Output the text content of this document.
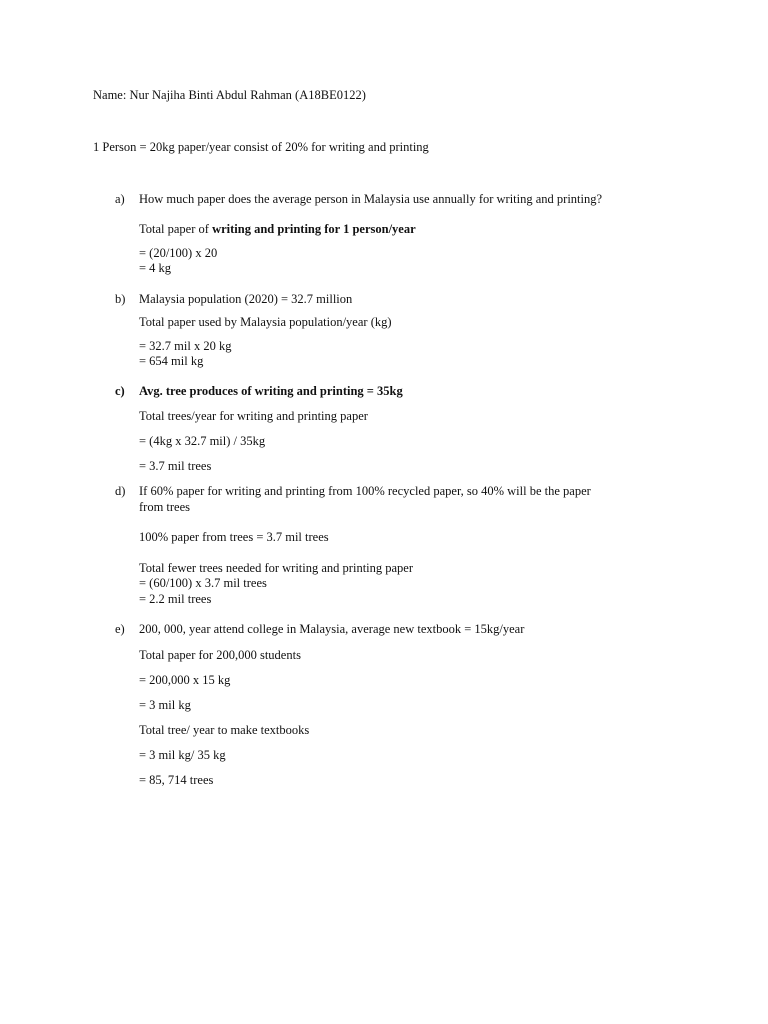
Name: Nur Najiha Binti Abdul Rahman (A18BE0122)
1 Person = 20kg paper/year consist of 20% for writing and printing
a) How much paper does the average person in Malaysia use annually for writing and printing?
Total paper of writing and printing for 1 person/year
= (20/100) x 20
= 4 kg
b) Malaysia population (2020) = 32.7 million
Total paper used by Malaysia population/year (kg)
= 32.7 mil x 20 kg
= 654 mil kg
c) Avg. tree produces of writing and printing = 35kg
Total trees/year for writing and printing paper
= (4kg x 32.7 mil) / 35kg
= 3.7 mil trees
d) If 60% paper for writing and printing from 100% recycled paper, so 40% will be the paper
from trees
100% paper from trees = 3.7 mil trees
Total fewer trees needed for writing and printing paper
= (60/100) x 3.7 mil trees
= 2.2 mil trees
e) 200, 000, year attend college in Malaysia, average new textbook = 15kg/year
Total paper for 200,000 students
= 200,000 x 15 kg
= 3 mil kg
Total tree/ year to make textbooks
= 3 mil kg/ 35 kg
= 85, 714 trees
